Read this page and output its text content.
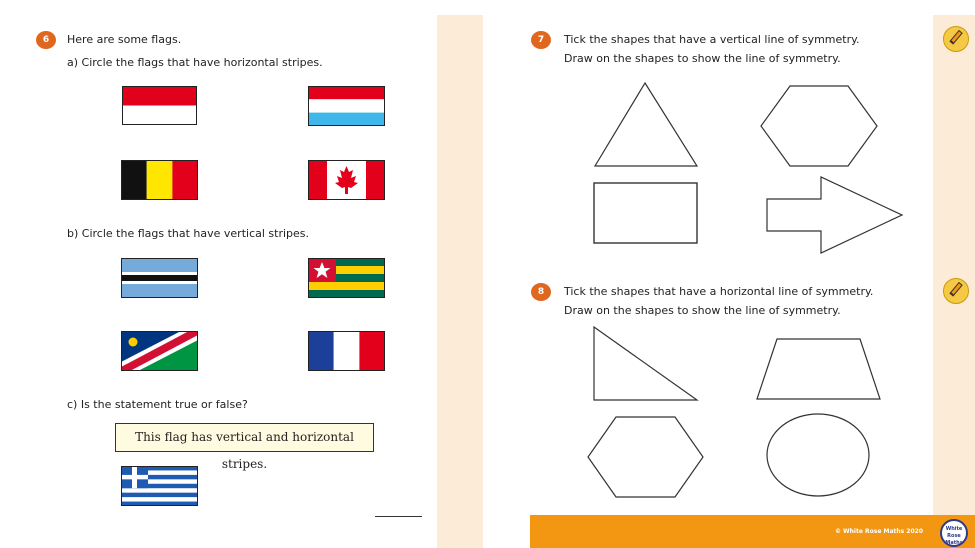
© White Rose Maths 2020	White Rose Maths
6	Here are some flags.
a) Circle the flags that have horizontal stripes.
b) Circle the flags that have vertical stripes.
c) Is the statement true or false?
This flag has vertical and horizontal stripes.
7	Tick the shapes that have a vertical line of symmetry.
Draw on the shapes to show the line of symmetry.
8	Tick the shapes that have a horizontal line of symmetry.
Draw on the shapes to show the line of symmetry.
